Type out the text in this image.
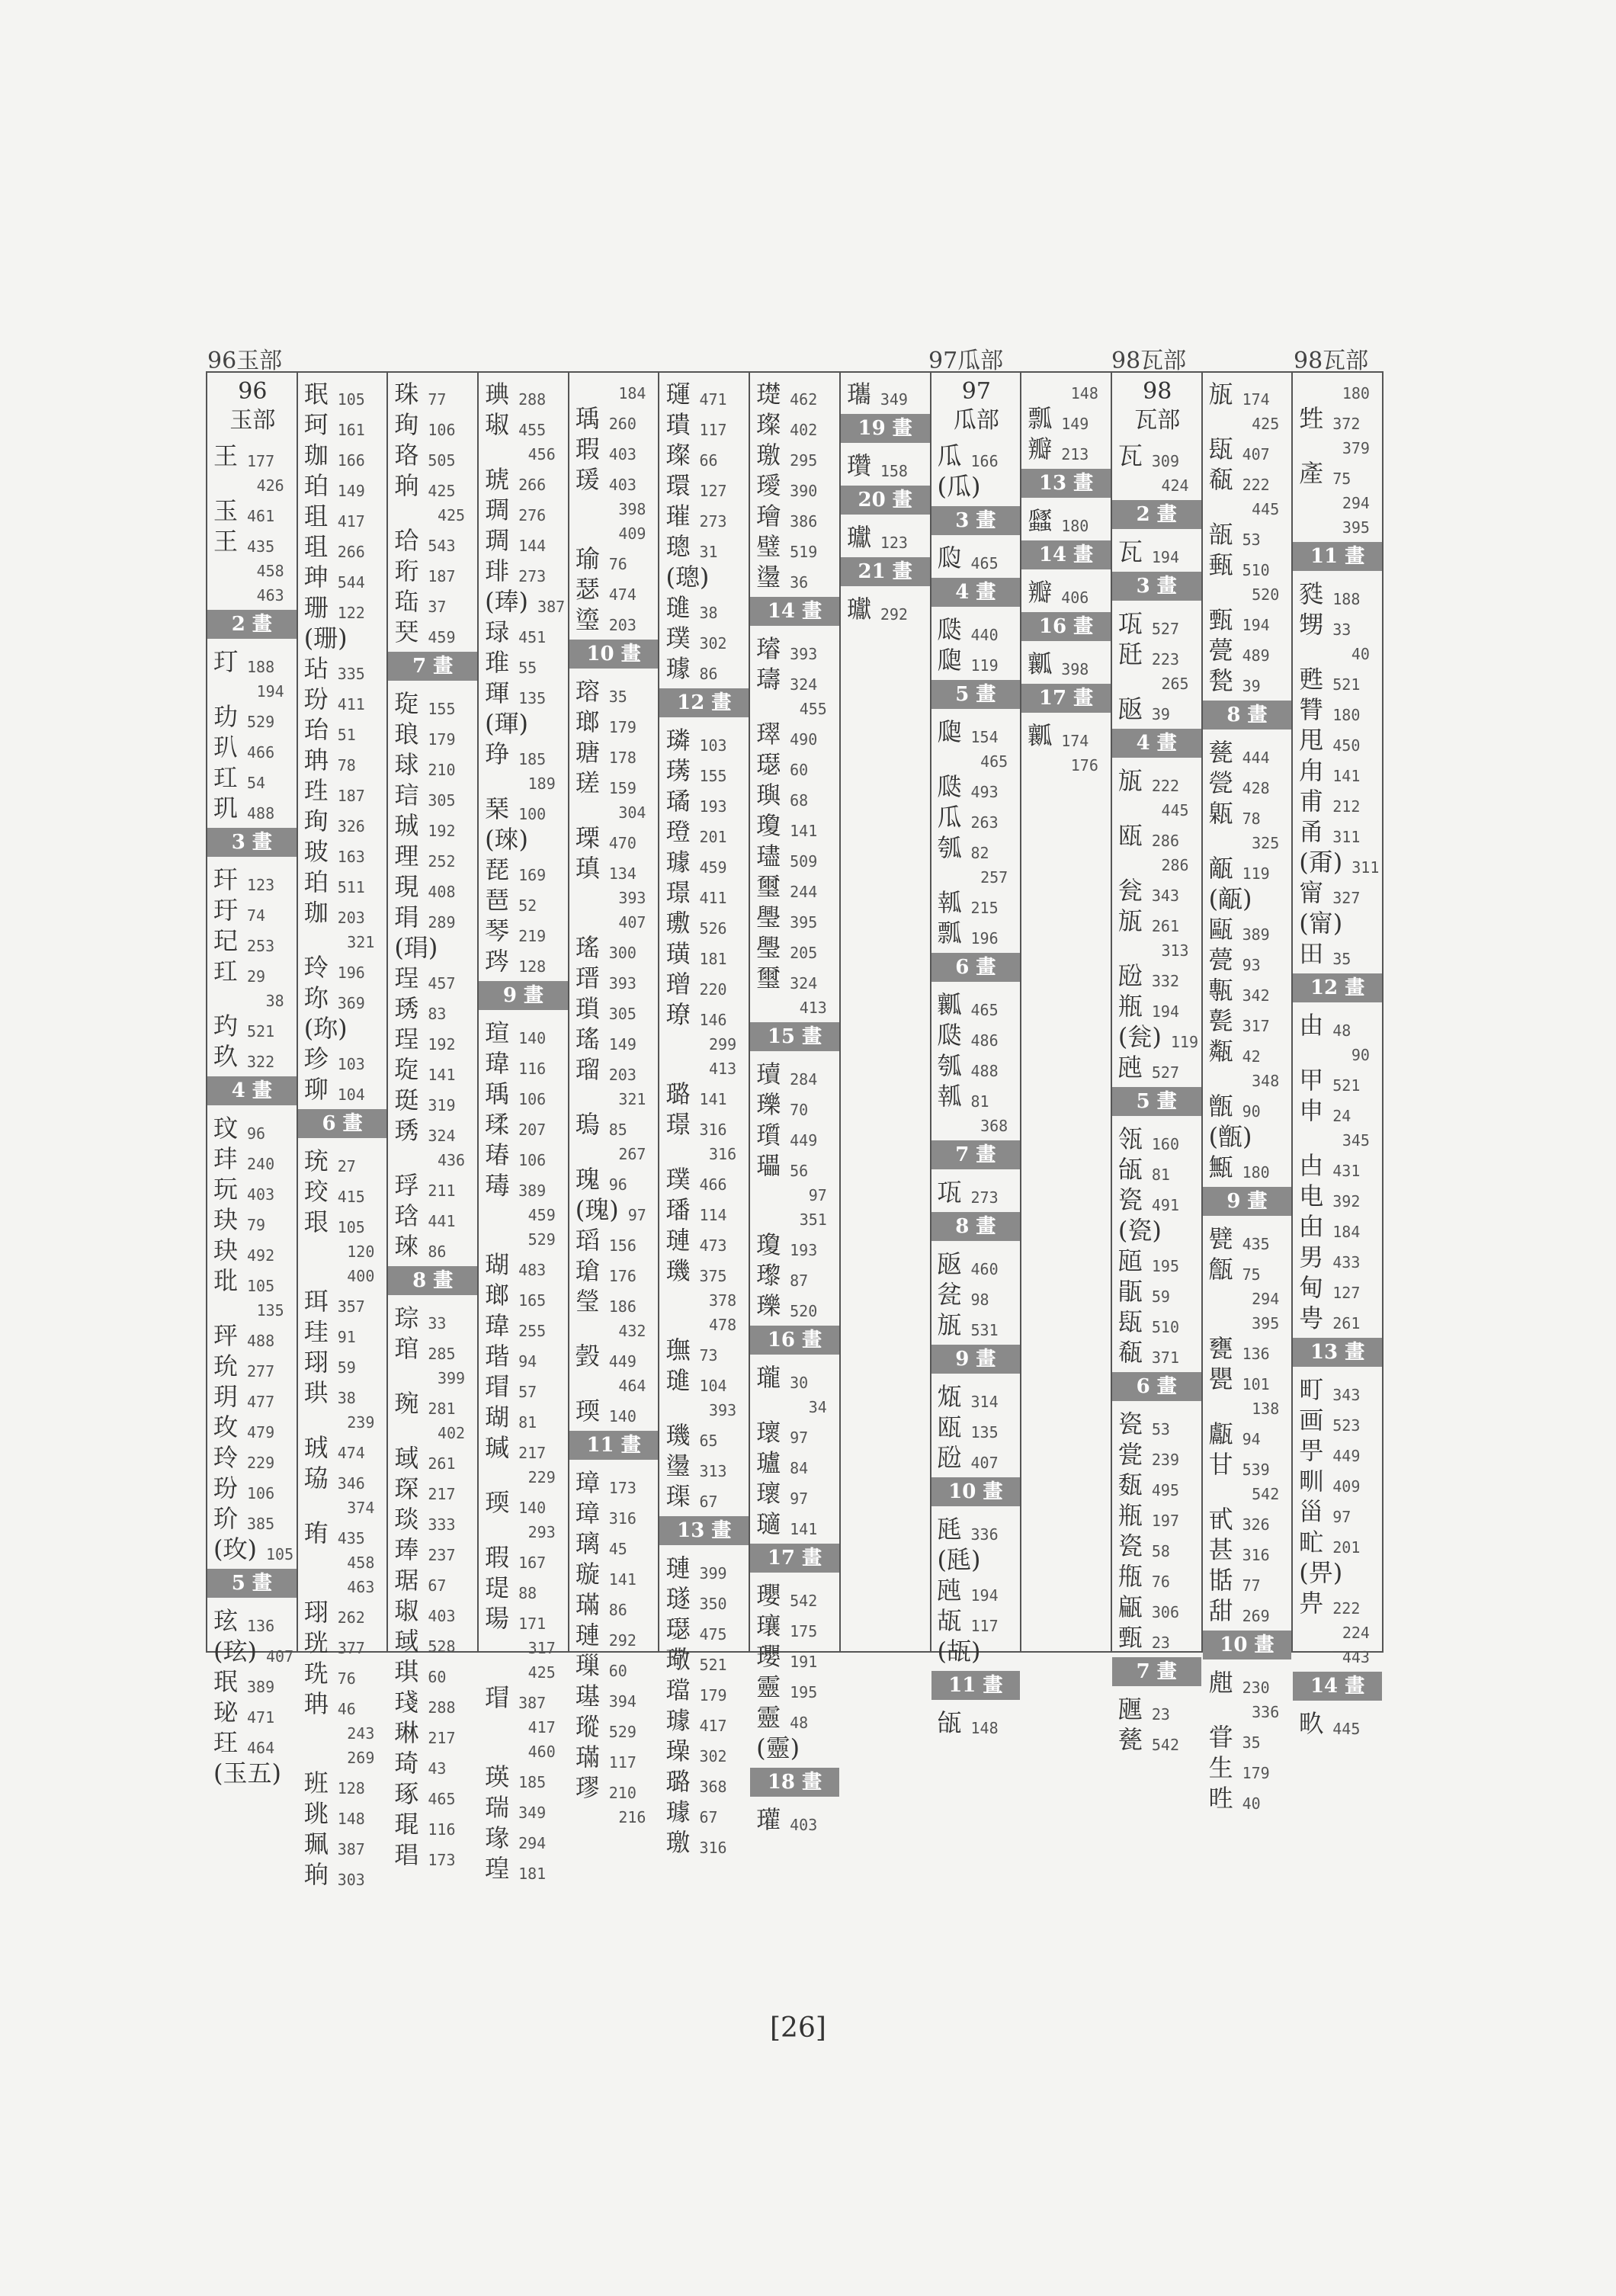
96玉部	97瓜部	98瓦部	98瓦部
96
玉部
王 177
426
玉 461
王 435
458
463
2 畫
玎 188
194
玏 529
玐 466
玒 54
玑 488
3 畫
玕 123
玗 74
玘 253
玒 29
38
玓 521
玖 322
4 畫
玟 96
玤 240
玩 403
玦 79
玦 492
玭 105
135
玶 488
玧 277
玥 477
玫 479
玲 229
玢 106
玠 385
(玫) 105
5 畫
玹 136
(玹) 407
珉 389
珌 471
玨 464
(玉五)
珉 105
珂 161
珈 166
珀 149
珇 417
珇 266
珅 544
珊 122
(珊)
玷 335
玢 411
珆 51
珃 78
珄 187
珣 326
玻 163
珀 511
珈 203
321
玲 196
珎 369
(珎)
珍 103
珋 104
6 畫
珫 27
珓 415
珢 105
120
400
珥 357
珪 91
珝 59
珙 38
239
珬 474
珕 346
374
珛 435
458
463
珝 262
珖 377
珗 76
珃 46
243
269
班 128
珧 148
珮 387
珦 303
珠 77
珣 106
珞 505
珦 425
425
珨 543
珩 187
珤 37
珡 459
7 畫
琁 155
琅 179
球 210
琂 305
珹 192
理 252
現 408
琄 289
(琄)
珵 457
琇 83
珵 192
琁 141
珽 319
琇 324
436
琈 211
琀 441
琜 86
8 畫
琮 33
琯 285
399
琬 281
402
琙 261
琛 217
琰 333
琫 237
琚 67
琡 403
琙 528
琪 60
琖 288
琳 217
琦 43
琢 465
琨 116
琩 173
琠 288
琡 455
456
琥 266
琱 276
琱 144
琲 273
(琫) 387
琭 451
琟 55
琿 135
(琿)
琤 185
189
琹 100
(琜)
琵 169
琶 52
琴 219
琌 128
9 畫
瑄 140
瑋 116
瑀 106
瑈 207
瑃 106
瑇 389
459
529
瑚 483
瑯 165
瑋 255
瑎 94
瑁 57
瑚 81
瑊 217
229
瑌 140
293
瑕 167
瑅 88
瑒 171
317
425
瑁 387
417
460
瑛 185
瑞 349
瑑 294
瑝 181
184
瑀 260
瑕 403
瑗 403
398
409
瑜 76
瑟 474
瑬 203
10 畫
瑢 35
瑯 179
瑭 178
瑳 159
304
瑮 470
瑱 134
393
407
瑤 300
瑨 393
瑣 305
瑤 149
瑠 203
321
瑦 85
267
瑰 96
(瑰) 97
瑫 156
瑲 176
瑩 186
432
瑴 449
464
瑌 140
11 畫
璋 173
璋 316
璃 45
璇 141
璊 86
璉 292
璅 60
璂 394
瑽 529
璊 117
璆 210
216
璭 471
璝 117
璨 66
環 127
璀 273
璁 31
(璁)
璡 38
璞 302
璩 86
12 畫
璘 103
璓 155
璚 193
璒 201
璩 459
璟 411
璷 526
璜 181
璔 220
璙 146
299
413
璐 141
璟 316
316
璞 466
璠 114
璉 473
璣 375
378
478
璑 73
璡 104
393
璣 65
璗 313
璖 67
13 畫
璉 399
璲 350
璱 475
璥 521
璫 179
璩 417
璪 302
璐 368
璩 67
璬 316
璴 462
璨 402
璬 295
璦 390
璯 386
璧 519
璗 36
14 畫
璿 393
璹 324
455
璻 490
璱 60
璵 68
瓊 141
璶 509
璽 244
璺 395
璺 205
璽 324
413
15 畫
瓄 284
瓅 70
瓆 449
瓃 56
97
351
瓊 193
瓈 87
瓅 520
16 畫
瓏 30
34
瓌 97
瓐 84
瓌 97
瓋 141
17 畫
瓔 542
瓖 175
瓔 191
靈 195
靈 48
(靈)
18 畫
瓘 403
瓗 349
19 畫
瓚 158
20 畫
瓛 123
21 畫
瓛 292
97
瓜部
瓜 166
(瓜)
3 畫
瓝 465
4 畫
瓞 440
瓟 119
5 畫
瓟 154
465
瓞 493
瓜 263
瓠 82
257
瓡 215
瓢 196
6 畫
瓤 465
瓞 486
瓠 488
瓡 81
368
7 畫
瓨 273
8 畫
瓪 460
瓫 98
瓬 531
9 畫
瓭 314
瓯 135
瓰 407
10 畫
瓱 336
(瓱)
瓲 194
瓳 117
(瓳)
11 畫
瓵 148
148
瓢 149
瓣 213
13 畫
瓥 180
14 畫
瓣 406
16 畫
瓤 398
17 畫
瓤 174
176
98
瓦部
瓦 309
424
2 畫
瓦 194
3 畫
瓨 527
瓩 223
265
瓪 39
4 畫
瓬 222
445
瓯 286
286
瓮 343
瓬 261
313
瓰 332
瓶 194
(瓮) 119
瓲 527
5 畫
瓴 160
瓵 81
瓷 491
(瓷)
瓸 195
瓹 59
瓺 510
瓻 371
6 畫
瓷 53
瓽 239
瓾 495
瓶 197
瓷 58
甁 76
甂 306
甄 23
7 畫
甅 23
甆 542
瓬 174
425
瓺 407
瓻 222
445
瓿 53
甀 510
520
甄 194
甍 489
甃 39
8 畫
甆 444
甇 428
甈 78
325
甋 119
(甋)
甌 389
甍 93
甎 342
甏 317
甐 42
348
甑 90
(甑)
甒 180
9 畫
甓 435
甔 75
294
395
甕 136
甖 101
138
甗 94
甘 539
542
甙 326
甚 316
甛 77
甜 269
10 畫
甝 230
336
甞 35
生 179
甠 40
180
甡 372
379
產 75
294
395
11 畫
甤 188
甥 33
40
甦 521
甧 180
甩 450
甪 141
甫 212
甬 311
(甭) 311
甯 327
(甯)
田 35
12 畫
由 48
90
甲 521
申 24
345
甴 431
电 392
甶 184
男 433
甸 127
甹 261
13 畫
町 343
画 523
甼 449
甽 409
甾 97
甿 201
(畀)
畁 222
224
443
14 畫
畂 445
[26]
